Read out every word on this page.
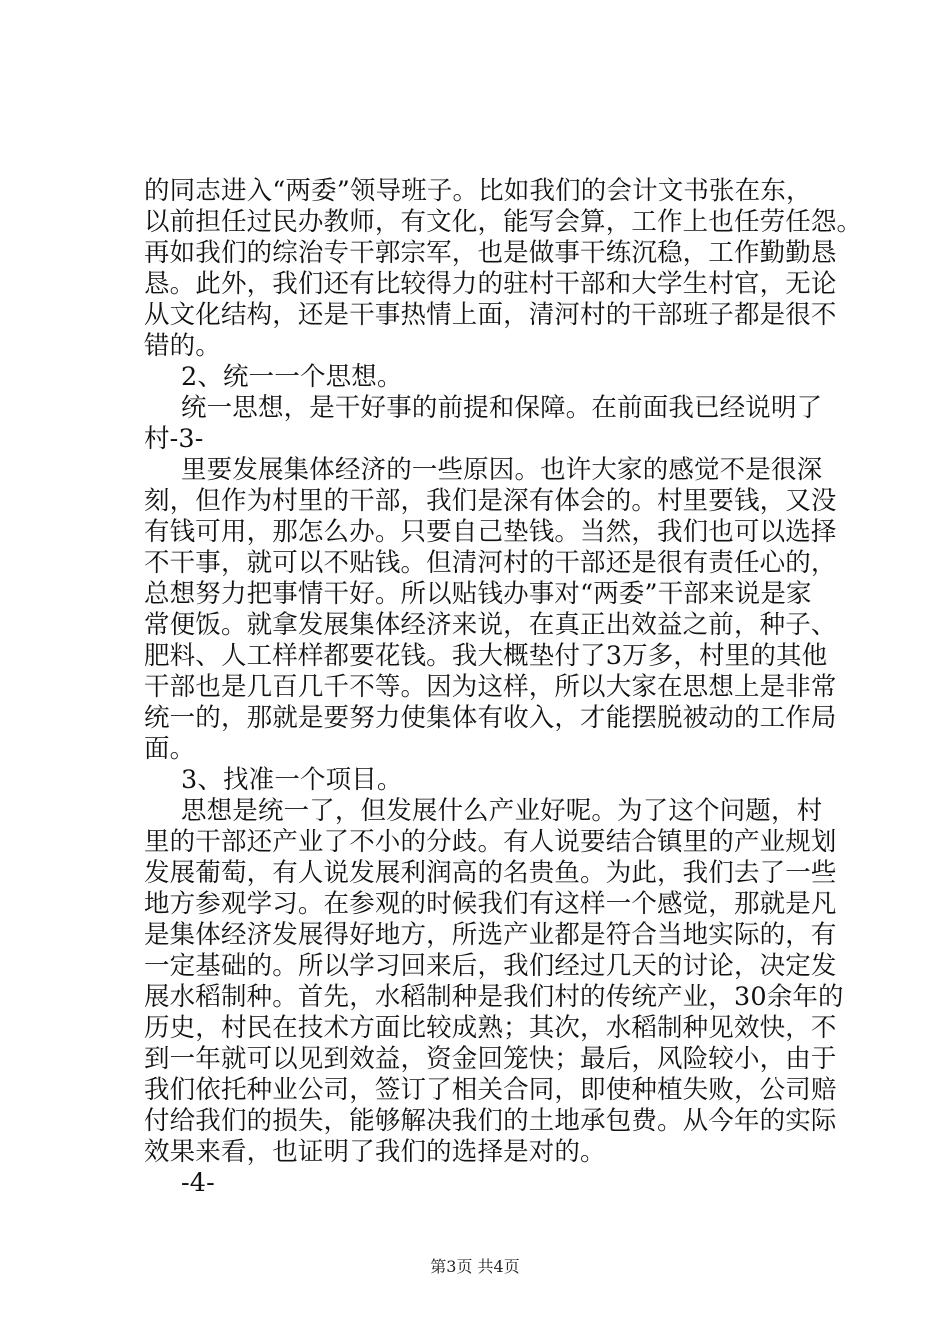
的同志进入“两委”领导班子。比如我们的会计文书张在东，
以前担任过民办教师，有文化，能写会算，工作上也任劳任怨。
再如我们的综治专干郭宗军，也是做事干练沉稳，工作勤勤恳
恳。此外，我们还有比较得力的驻村干部和大学生村官，无论
从文化结构，还是干事热情上面，清河村的干部班子都是很不
错的。
2、统一一个思想。
统一思想，是干好事的前提和保障。在前面我已经说明了
村-3-
里要发展集体经济的一些原因。也许大家的感觉不是很深
刻，但作为村里的干部，我们是深有体会的。村里要钱，又没
有钱可用，那怎么办。只要自己垫钱。当然，我们也可以选择
不干事，就可以不贴钱。但清河村的干部还是很有责任心的，
总想努力把事情干好。所以贴钱办事对“两委”干部来说是家
常便饭。就拿发展集体经济来说，在真正出效益之前，种子、
肥料、人工样样都要花钱。我大概垫付了3万多，村里的其他
干部也是几百几千不等。因为这样，所以大家在思想上是非常
统一的，那就是要努力使集体有收入，才能摆脱被动的工作局
面。
3、找准一个项目。
思想是统一了，但发展什么产业好呢。为了这个问题，村
里的干部还产业了不小的分歧。有人说要结合镇里的产业规划
发展葡萄，有人说发展利润高的名贵鱼。为此，我们去了一些
地方参观学习。在参观的时候我们有这样一个感觉，那就是凡
是集体经济发展得好地方，所选产业都是符合当地实际的，有
一定基础的。所以学习回来后，我们经过几天的讨论，决定发
展水稻制种。首先，水稻制种是我们村的传统产业，30余年的
历史，村民在技术方面比较成熟；其次，水稻制种见效快，不
到一年就可以见到效益，资金回笼快；最后，风险较小，由于
我们依托种业公司，签订了相关合同，即使种植失败，公司赔
付给我们的损失，能够解决我们的土地承包费。从今年的实际
效果来看，也证明了我们的选择是对的。
-4-
第3页 共4页
